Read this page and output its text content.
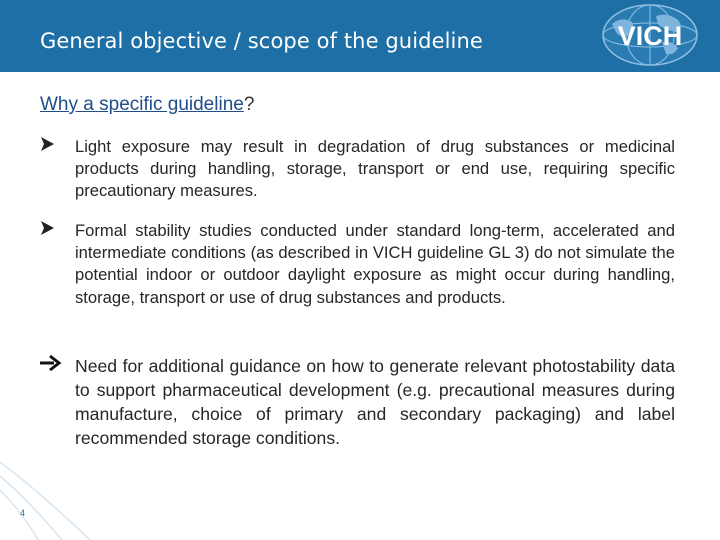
General objective / scope of the guideline	VICH
Why a specific guideline?
Light exposure may result in degradation of drug substances or medicinal products during handling, storage, transport or end use, requiring specific precautionary measures.
Formal stability studies conducted under standard long-term, accelerated and intermediate conditions (as described in VICH guideline GL 3) do not simulate the potential indoor or outdoor daylight exposure as might occur during handling, storage, transport or use of drug substances and products.
Need for additional guidance on how to generate relevant photostability data to support pharmaceutical development (e.g. precautional measures during manufacture, choice of primary and secondary packaging) and label recommended storage conditions.
4
